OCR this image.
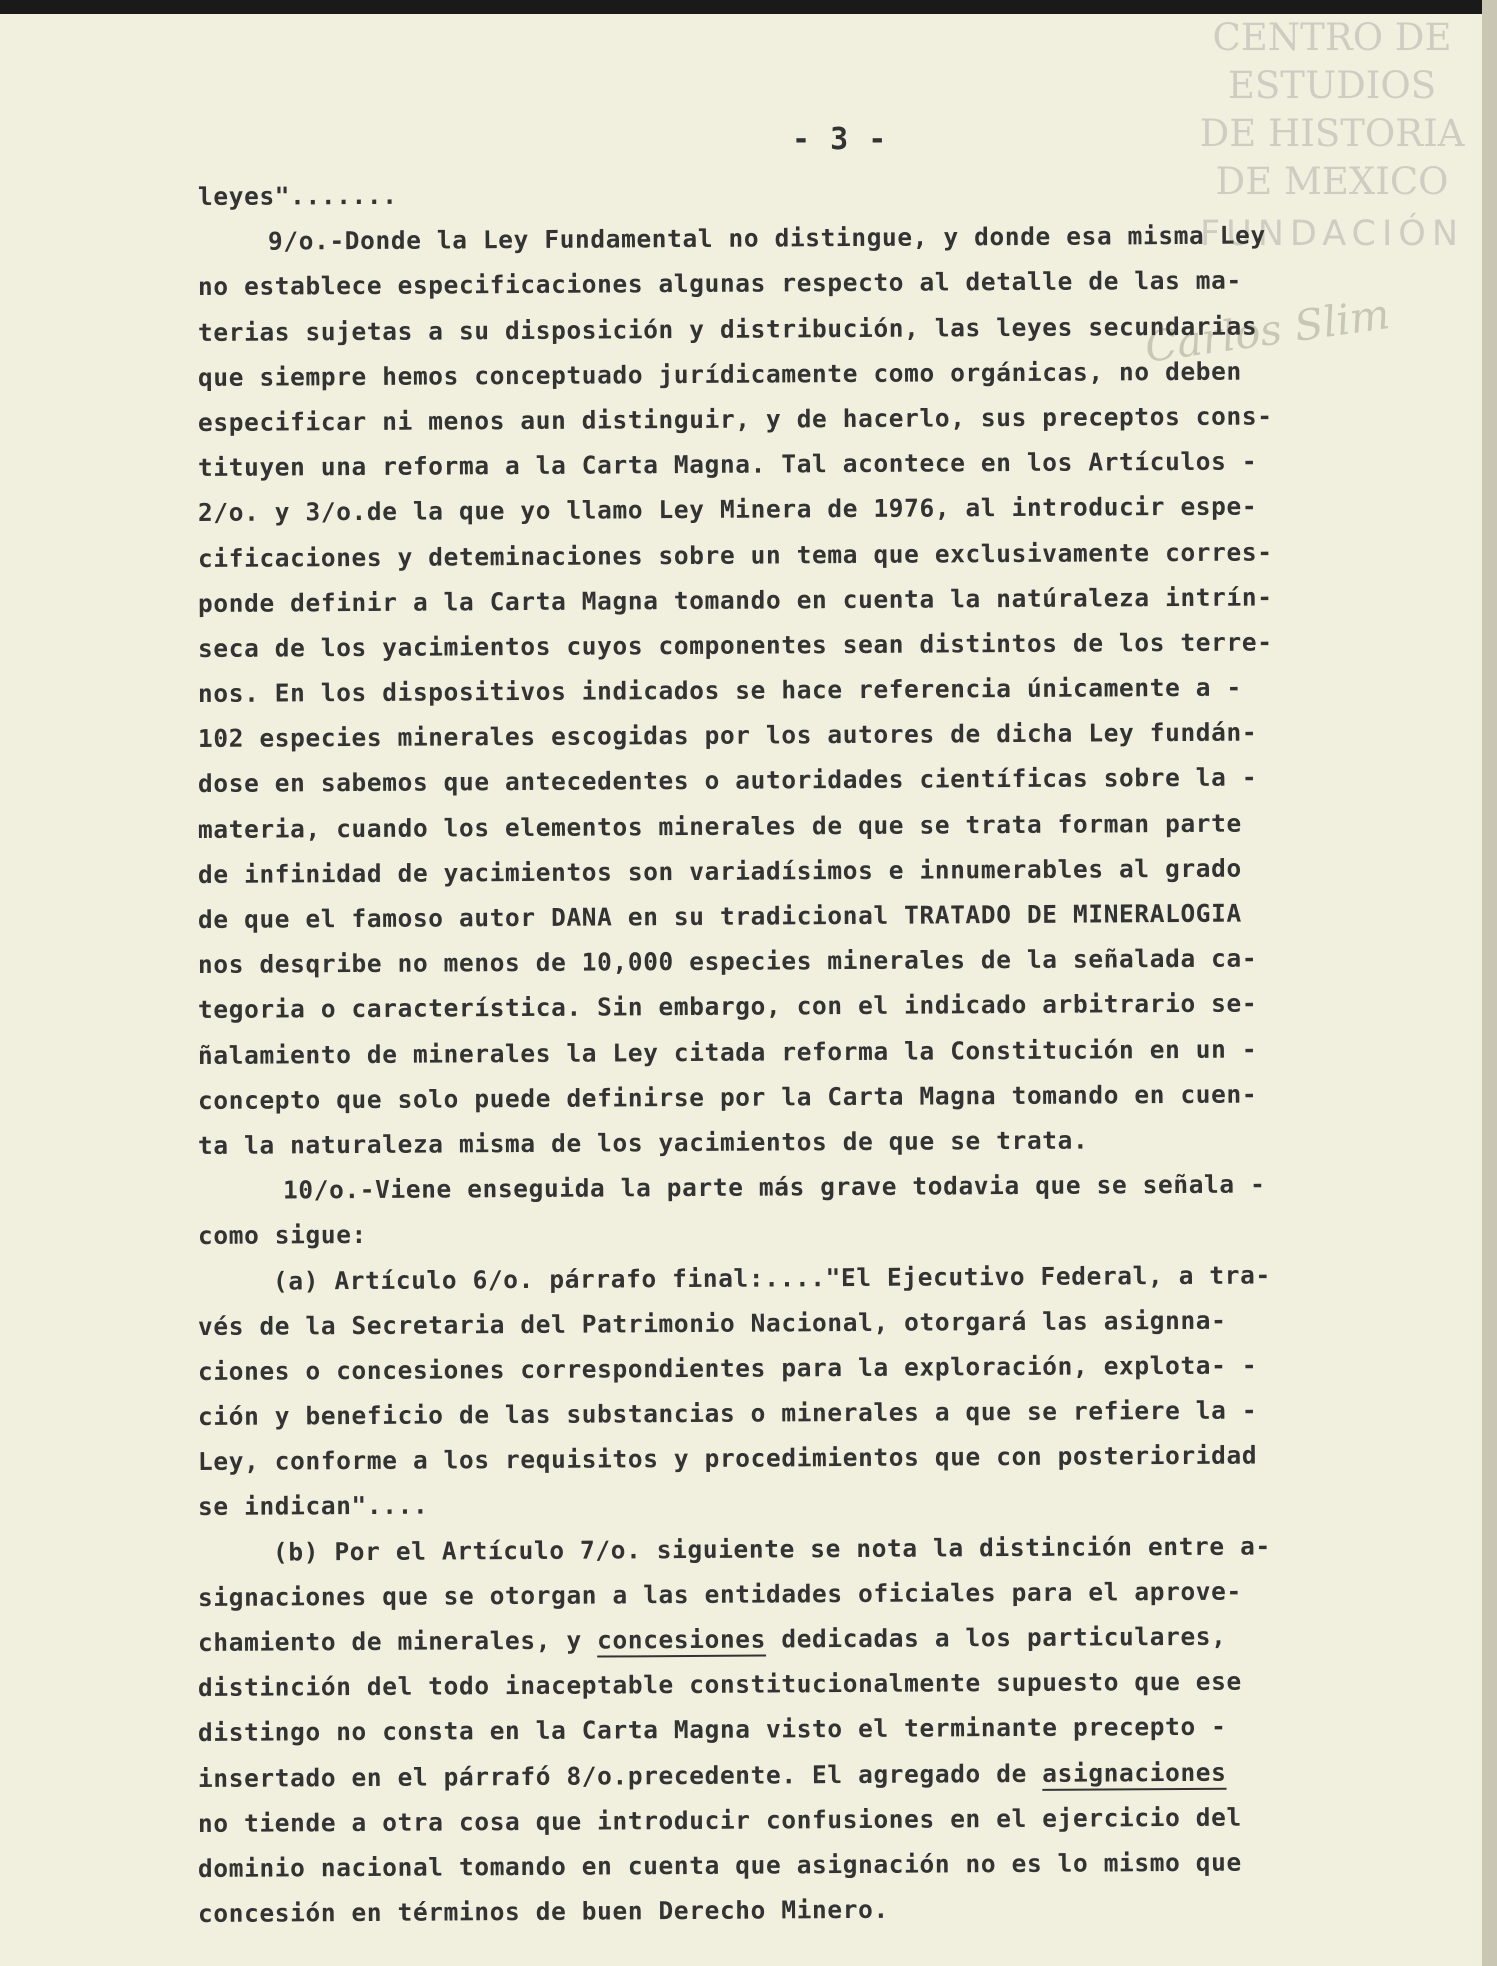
CENTRO DE
ESTUDIOS
DE HISTORIA
DE MEXICO
FUNDACIÓN
Carlos Slim
- 3 -
leyes".......
9/o.-Donde la Ley Fundamental no distingue, y donde esa misma Ley
no establece especificaciones algunas respecto al detalle de las ma-
terias sujetas a su disposición y distribución, las leyes secundarias
que siempre hemos conceptuado jurídicamente como orgánicas, no deben
especificar ni menos aun distinguir, y de hacerlo, sus preceptos cons-
tituyen una reforma a la Carta Magna. Tal acontece en los Artículos -
2/o. y 3/o.de la que yo llamo Ley Minera de 1976, al introducir espe-
cificaciones y deteminaciones sobre un tema que exclusivamente corres-
ponde definir a la Carta Magna tomando en cuenta la natúraleza intrín-
seca de los yacimientos cuyos componentes sean distintos de los terre-
nos. En los dispositivos indicados se hace referencia únicamente a -
102 especies minerales escogidas por los autores de dicha Ley fundán-
dose en sabemos que antecedentes o autoridades científicas sobre la -
materia, cuando los elementos minerales de que se trata forman parte
de infinidad de yacimientos son variadísimos e innumerables al grado
de que el famoso autor DANA en su tradicional TRATADO DE MINERALOGIA
nos desqribe no menos de 10,000 especies minerales de la señalada ca-
tegoria o característica. Sin embargo, con el indicado arbitrario se-
ñalamiento de minerales la Ley citada reforma la Constitución en un -
concepto que solo puede definirse por la Carta Magna tomando en cuen-
ta la naturaleza misma de los yacimientos de que se trata.
10/o.-Viene enseguida la parte más grave todavia que se señala -
como sigue:
(a) Artículo 6/o. párrafo final:...."El Ejecutivo Federal, a tra-
vés de la Secretaria del Patrimonio Nacional, otorgará las asignna-
ciones o concesiones correspondientes para la exploración, explota- -
ción y beneficio de las substancias o minerales a que se refiere la -
Ley, conforme a los requisitos y procedimientos que con posterioridad
se indican"....
(b) Por el Artículo 7/o. siguiente se nota la distinción entre a-
signaciones que se otorgan a las entidades oficiales para el aprove-
chamiento de minerales, y concesiones dedicadas a los particulares,
distinción del todo inaceptable constitucionalmente supuesto que ese
distingo no consta en la Carta Magna visto el terminante precepto -
insertado en el párrafó 8/o.precedente. El agregado de asignaciones
no tiende a otra cosa que introducir confusiones en el ejercicio del
dominio nacional tomando en cuenta que asignación no es lo mismo que
concesión en términos de buen Derecho Minero.
